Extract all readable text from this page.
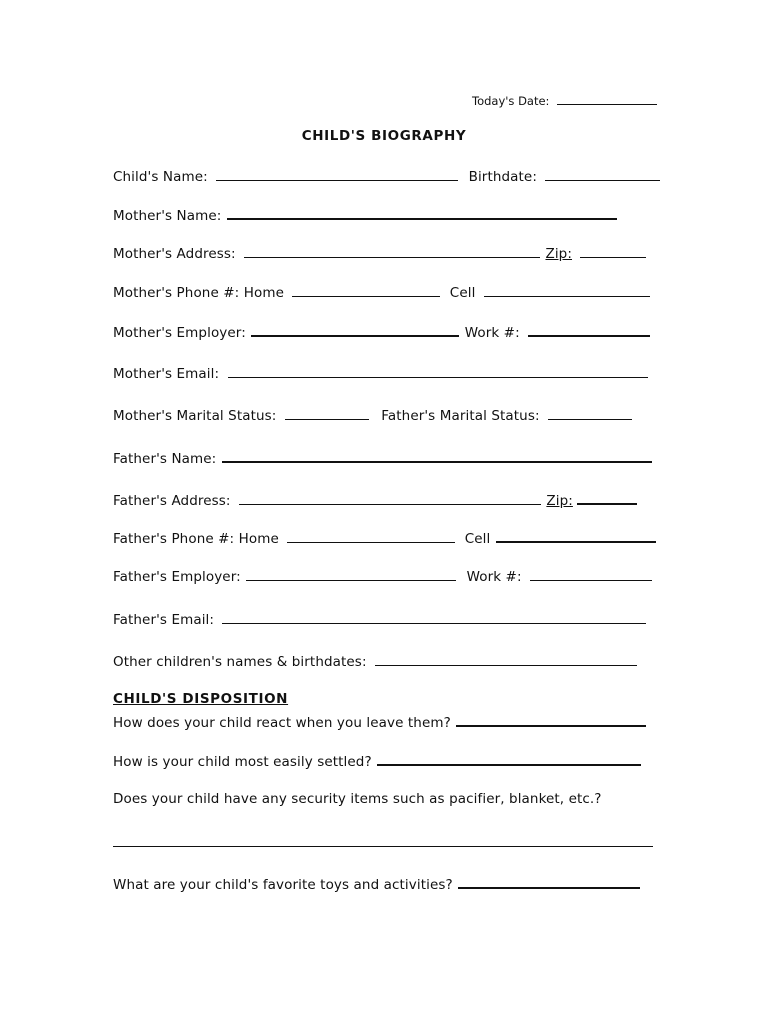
Today's Date:
CHILD'S BIOGRAPHY
Child's Name:	Birthdate:
Mother's Name:
Mother's Address:	Zip:
Mother's Phone #: Home	Cell
Mother's Employer:	Work #:
Mother's Email:
Mother's Marital Status:	Father's Marital Status:
Father's Name:
Father's Address:	Zip:
Father's Phone #: Home	Cell
Father's Employer:	Work #:
Father's Email:
Other children's names & birthdates:
CHILD'S DISPOSITION
How does your child react when you leave them?
How is your child most easily settled?
Does your child have any security items such as pacifier, blanket, etc.?
What are your child's favorite toys and activities?
